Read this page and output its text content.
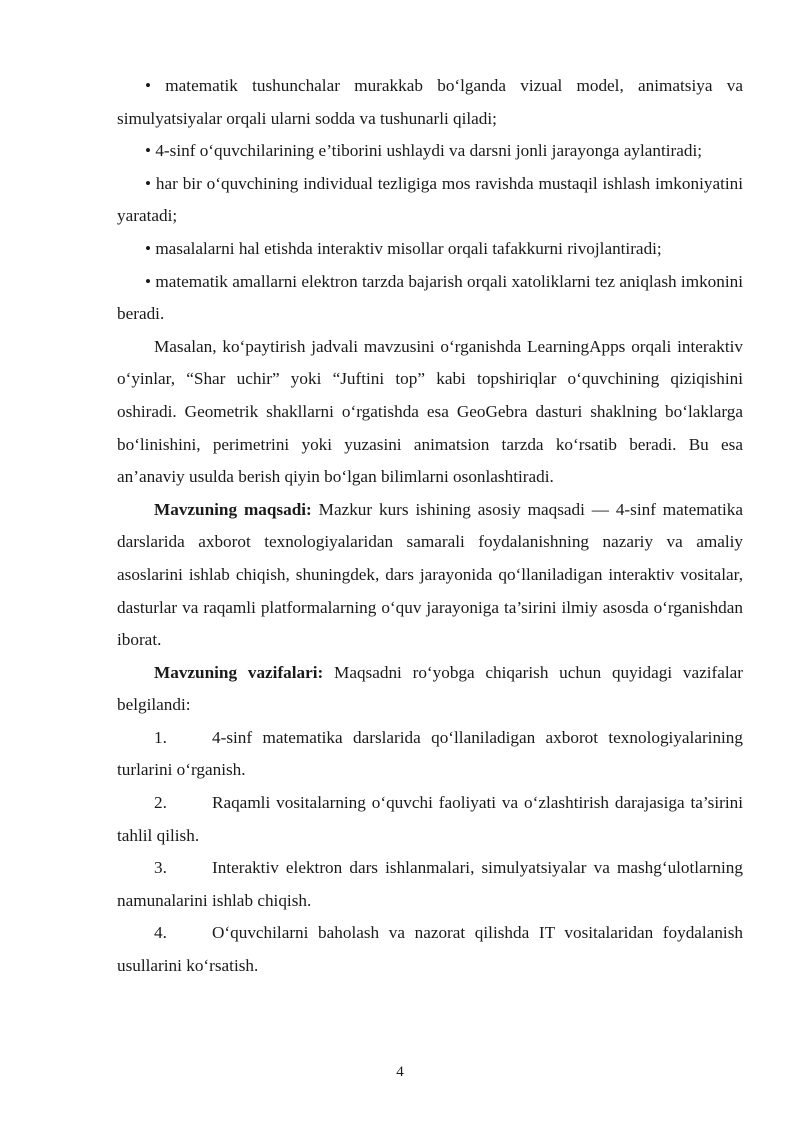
• matematik tushunchalar murakkab bo‘lganda vizual model, animatsiya va simulyatsiyalar orqali ularni sodda va tushunarli qiladi;

• 4-sinf o‘quvchilarining e’tiborini ushlaydi va darsni jonli jarayonga aylantiradi;

• har bir o‘quvchining individual tezligiga mos ravishda mustaqil ishlash imkoniyatini yaratadi;

• masalalarni hal etishda interaktiv misollar orqali tafakkurni rivojlantiradi;

• matematik amallarni elektron tarzda bajarish orqali xatoliklarni tez aniqlash imkonini beradi.

Masalan, ko‘paytirish jadvali mavzusini o‘rganishda LearningApps orqali interaktiv o‘yinlar, “Shar uchir” yoki “Juftini top” kabi topshiriqlar o‘quvchining qiziqishini oshiradi. Geometrik shakllarni o‘rgatishda esa GeoGebra dasturi shaklning bo‘laklarga bo‘linishini, perimetrini yoki yuzasini animatsion tarzda ko‘rsatib beradi. Bu esa an’anaviy usulda berish qiyin bo‘lgan bilimlarni osonlashtiradi.

Mavzuning maqsadi: Mazkur kurs ishining asosiy maqsadi — 4-sinf matematika darslarida axborot texnologiyalaridan samarali foydalanishning nazariy va amaliy asoslarini ishlab chiqish, shuningdek, dars jarayonida qo‘llaniladigan interaktiv vositalar, dasturlar va raqamli platformalarning o‘quv jarayoniga ta’sirini ilmiy asosda o‘rganishdan iborat.

Mavzuning vazifalari: Maqsadni ro‘yobga chiqarish uchun quyidagi vazifalar belgilandi:

1.	4-sinf matematika darslarida qo‘llaniladigan axborot texnologiyalarining turlarini o‘rganish.

2.	Raqamli vositalarning o‘quvchi faoliyati va o‘zlashtirish darajasiga ta’sirini tahlil qilish.

3.	Interaktiv elektron dars ishlanmalari, simulyatsiyalar va mashg‘ulotlarning namunalarini ishlab chiqish.

4.	O‘quvchilarni baholash va nazorat qilishda IT vositalaridan foydalanish usullarini ko‘rsatish.

4
